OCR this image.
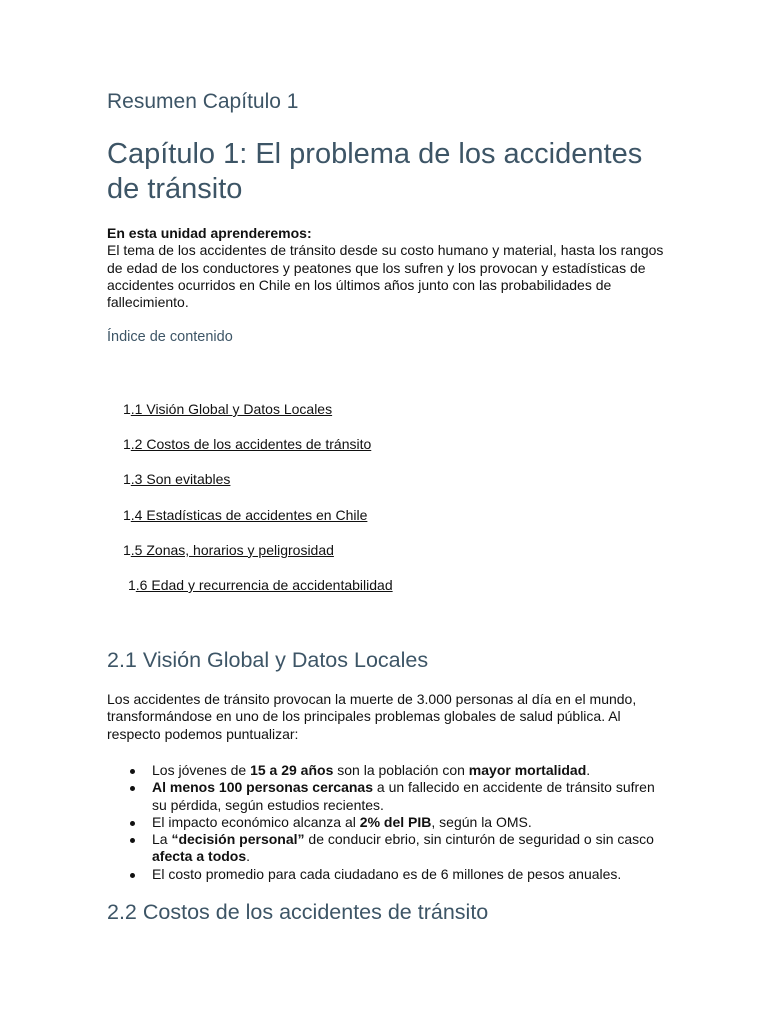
Resumen Capítulo 1
Capítulo 1: El problema de los accidentes de tránsito
En esta unidad aprenderemos:
El tema de los accidentes de tránsito desde su costo humano y material, hasta los rangos de edad de los conductores y peatones que los sufren y los provocan y estadísticas de accidentes ocurridos en Chile en los últimos años junto con las probabilidades de fallecimiento.
Índice de contenido
1.1 Visión Global y Datos Locales
1.2 Costos de los accidentes de tránsito
1.3 Son evitables
1.4 Estadísticas de accidentes en Chile
1.5 Zonas, horarios y peligrosidad
1.6 Edad y recurrencia de accidentabilidad
2.1 Visión Global y Datos Locales

Los accidentes de tránsito provocan la muerte de 3.000 personas al día en el mundo, transformándose en uno de los principales problemas globales de salud pública. Al respecto podemos puntualizar:

Los jóvenes de 15 a 29 años son la población con mayor mortalidad.
Al menos 100 personas cercanas a un fallecido en accidente de tránsito sufren su pérdida, según estudios recientes.
El impacto económico alcanza al 2% del PIB, según la OMS.
La “decisión personal” de conducir ebrio, sin cinturón de seguridad o sin casco afecta a todos.
El costo promedio para cada ciudadano es de 6 millones de pesos anuales.
2.2 Costos de los accidentes de tránsito
